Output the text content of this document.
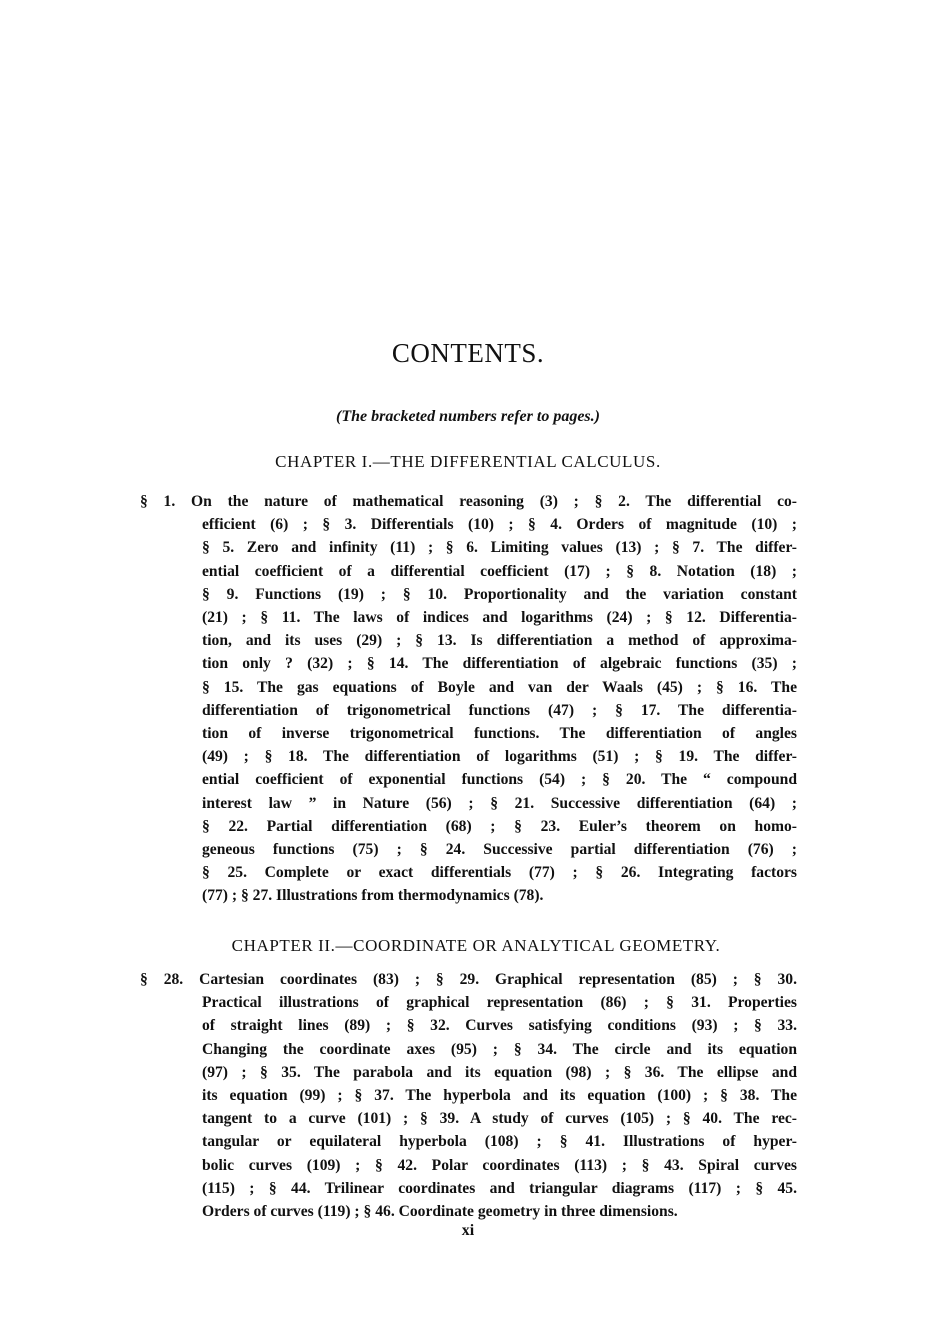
CONTENTS.

(The bracketed numbers refer to pages.)

CHAPTER I.—THE DIFFERENTIAL CALCULUS.
§ 1. On the nature of mathematical reasoning (3) ; § 2. The differential co-
efficient (6) ; § 3. Differentials (10) ; § 4. Orders of magnitude (10) ;
§ 5. Zero and infinity (11) ; § 6. Limiting values (13) ; § 7. The differ-
ential coefficient of a differential coefficient (17) ; § 8. Notation (18) ;
§ 9. Functions (19) ; § 10. Proportionality and the variation constant
(21) ; § 11. The laws of indices and logarithms (24) ; § 12. Differentia-
tion, and its uses (29) ; § 13. Is differentiation a method of approxima-
tion only ? (32) ; § 14. The differentiation of algebraic functions (35) ;
§ 15. The gas equations of Boyle and van der Waals (45) ; § 16. The
differentiation of trigonometrical functions (47) ; § 17. The differentia-
tion of inverse trigonometrical functions. The differentiation of angles
(49) ; § 18. The differentiation of logarithms (51) ; § 19. The differ-
ential coefficient of exponential functions (54) ; § 20. The “ compound
interest law ” in Nature (56) ; § 21. Successive differentiation (64) ;
§ 22. Partial differentiation (68) ; § 23. Euler’s theorem on homo-
geneous functions (75) ; § 24. Successive partial differentiation (76) ;
§ 25. Complete or exact differentials (77) ; § 26. Integrating factors
(77) ; § 27. Illustrations from thermodynamics (78).
CHAPTER II.—COORDINATE OR ANALYTICAL GEOMETRY.
§ 28. Cartesian coordinates (83) ; § 29. Graphical representation (85) ; § 30.
Practical illustrations of graphical representation (86) ; § 31. Properties
of straight lines (89) ; § 32. Curves satisfying conditions (93) ; § 33.
Changing the coordinate axes (95) ; § 34. The circle and its equation
(97) ; § 35. The parabola and its equation (98) ; § 36. The ellipse and
its equation (99) ; § 37. The hyperbola and its equation (100) ; § 38. The
tangent to a curve (101) ; § 39. A study of curves (105) ; § 40. The rec-
tangular or equilateral hyperbola (108) ; § 41. Illustrations of hyper-
bolic curves (109) ; § 42. Polar coordinates (113) ; § 43. Spiral curves
(115) ; § 44. Trilinear coordinates and triangular diagrams (117) ; § 45.
Orders of curves (119) ; § 46. Coordinate geometry in three dimensions.

xi
